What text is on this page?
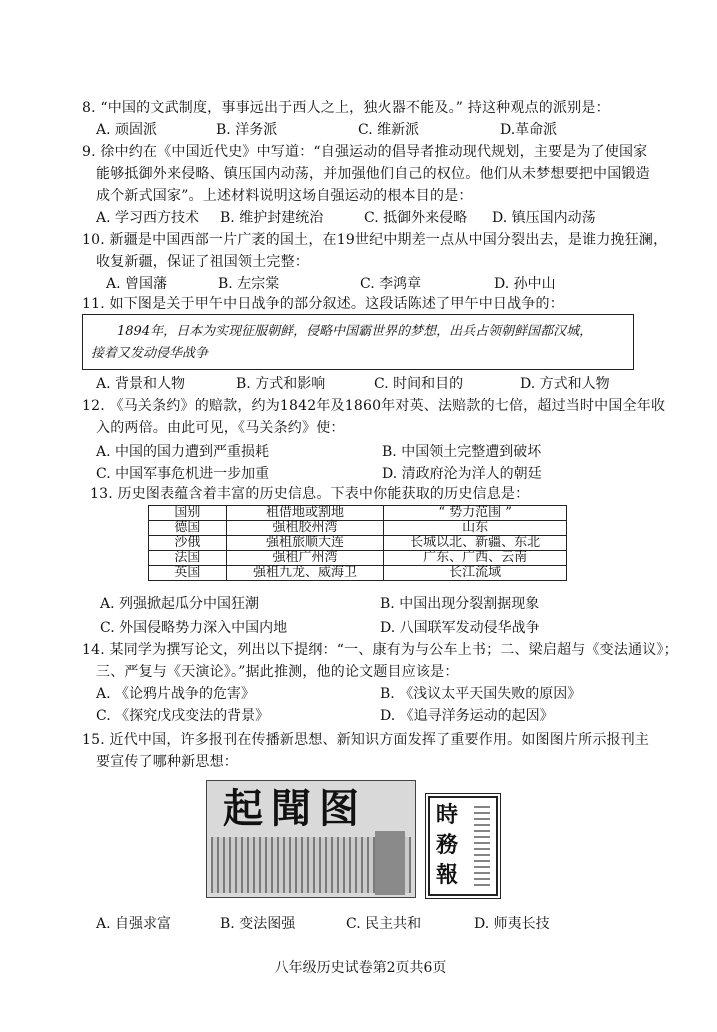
8. “中国的文武制度，事事远出于西人之上，独火器不能及。” 持这种观点的派别是：
A. 顽固派	B. 洋务派	C. 维新派	D.革命派
9. 徐中约在《中国近代史》中写道：“自强运动的倡导者推动现代规划，主要是为了使国家
能够抵御外来侵略、镇压国内动荡，并加强他们自己的权位。他们从未梦想要把中国锻造
成个新式国家”。上述材料说明这场自强运动的根本目的是：
A. 学习西方技术 B. 维护封建统治	C. 抵御外来侵略 D. 镇压国内动荡
10. 新疆是中国西部一片广袤的国土，在19世纪中期差一点从中国分裂出去，是谁力挽狂澜，
收复新疆，保证了祖国领土完整：
A. 曾国藩	B. 左宗棠	C. 李鸿章	D. 孙中山
11. 如下图是关于甲午中日战争的部分叙述。这段话陈述了甲午中日战争的：
1894年，日本为实现征服朝鲜，侵略中国霸世界的梦想，出兵占领朝鲜国都汉城，
接着又发动侵华战争
A. 背景和人物	B. 方式和影响	C. 时间和目的	D. 方式和人物
12. 《马关条约》的赔款，约为1842年及1860年对英、法赔款的七倍，超过当时中国全年收
入的两倍。由此可见，《马关条约》使：
A. 中国的国力遭到严重损耗	B. 中国领土完整遭到破坏
C. 中国军事危机进一步加重	D. 清政府沦为洋人的朝廷
13. 历史图表蕴含着丰富的历史信息。下表中你能获取的历史信息是：
国别	租借地或割地	“ 势力范围 ”
德国	强租胶州湾	山东
沙俄	强租旅顺大连	长城以北、新疆、东北
法国	强租广州湾	广东、广西、云南
英国	强租九龙、威海卫	长江流域
A. 列强掀起瓜分中国狂潮	B. 中国出现分裂割据现象
C. 外国侵略势力深入中国内地	D. 八国联军发动侵华战争
14. 某同学为撰写论文，列出以下提纲：“一、康有为与公车上书；二、梁启超与《变法通议》；
三、严复与《天演论》。”据此推测，他的论文题目应该是：
A. 《论鸦片战争的危害》	B. 《浅议太平天国失败的原因》
C. 《探究戊戌变法的背景》	D. 《追寻洋务运动的起因》
15. 近代中国，许多报刊在传播新思想、新知识方面发挥了重要作用。如图图片所示报刊主
要宣传了哪种新思想：
起聞图	時
務
報
A. 自强求富	B. 变法图强	C. 民主共和	D. 师夷长技
八年级历史试卷第2页共6页
